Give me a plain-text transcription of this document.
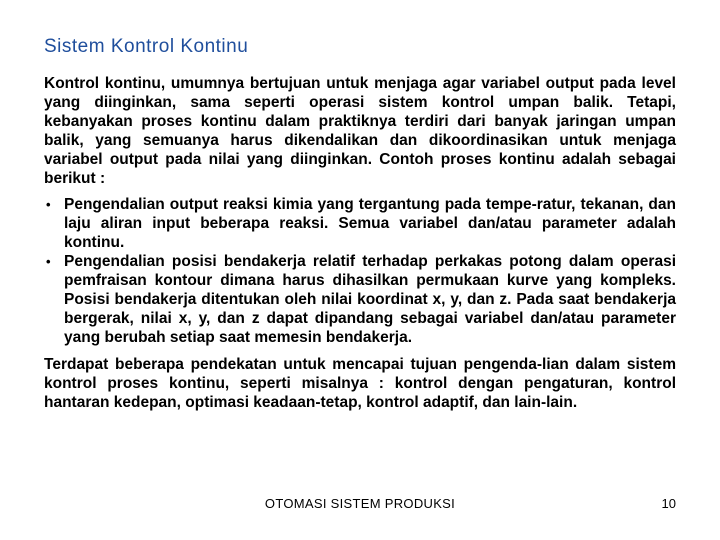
Sistem Kontrol Kontinu

Kontrol kontinu, umumnya bertujuan untuk menjaga agar variabel output pada level yang diinginkan, sama seperti operasi sistem kontrol umpan balik. Tetapi, kebanyakan proses kontinu dalam praktiknya terdiri dari banyak jaringan umpan balik, yang semuanya harus dikendalikan dan dikoordinasikan untuk menjaga variabel output pada nilai yang diinginkan. Contoh proses kontinu adalah sebagai berikut :

• Pengendalian output reaksi kimia yang tergantung pada tempe-ratur, tekanan, dan laju aliran input beberapa reaksi. Semua variabel dan/atau parameter adalah kontinu.
• Pengendalian posisi bendakerja relatif terhadap perkakas potong dalam operasi pemfraisan kontour dimana harus dihasilkan permukaan kurve yang kompleks. Posisi bendakerja ditentukan oleh nilai koordinat x, y, dan z. Pada saat bendakerja bergerak, nilai x, y, dan z dapat dipandang sebagai variabel dan/atau parameter yang berubah setiap saat memesin bendakerja.

Terdapat beberapa pendekatan untuk mencapai tujuan pengenda-lian dalam sistem kontrol proses kontinu, seperti misalnya : kontrol dengan pengaturan, kontrol hantaran kedepan, optimasi keadaan-tetap, kontrol adaptif, dan lain-lain.

OTOMASI SISTEM PRODUKSI	10
